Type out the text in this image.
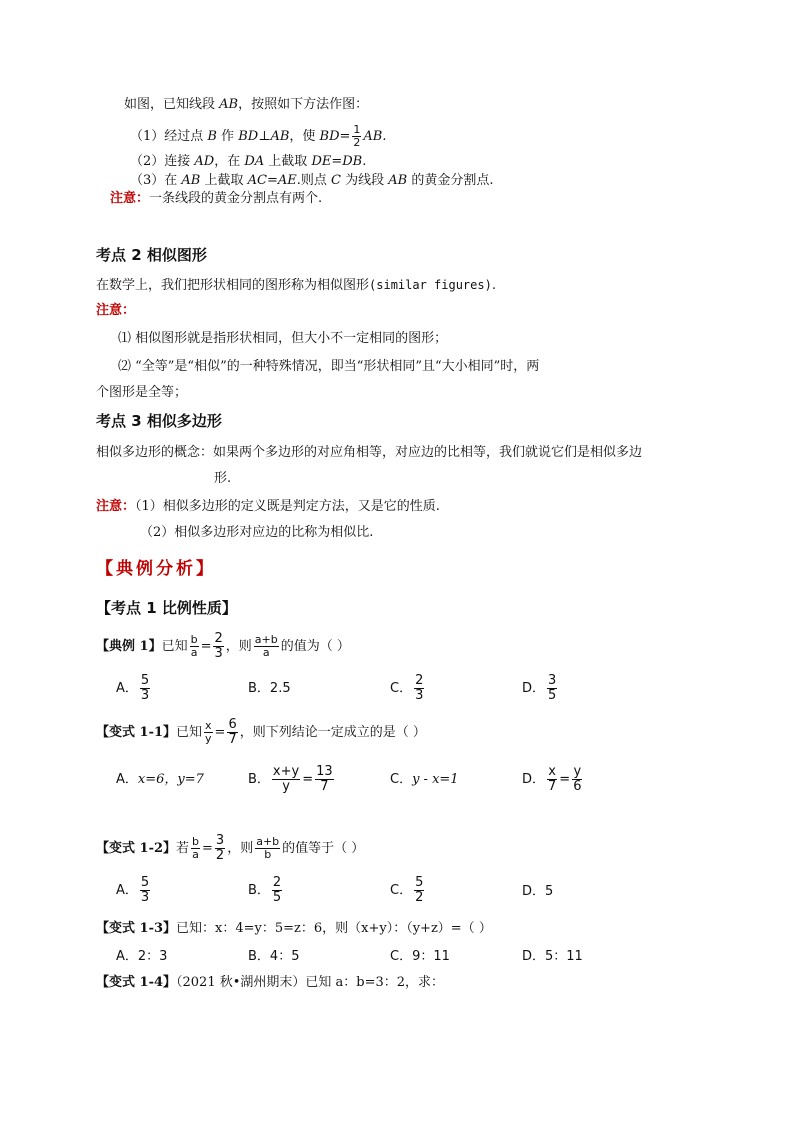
如图，已知线段 AB，按照如下方法作图：
（1）经过点 B 作 BD⊥AB，使 $BD= \frac{1}{2}$ AB.
（2）连接 AD，在 DA 上截取 DE=DB.
（3）在 AB 上截取 AC=AE.则点 C 为线段 AB 的黄金分割点.
注意：一条线段的黄金分割点有两个.
考点 2 相似图形
在数学上，我们把形状相同的图形称为相似图形(similar figures).
注意：
⑴ 相似图形就是指形状相同，但大小不一定相同的图形；
⑵ “全等”是“相似”的一种特殊情况，即当“形状相同”且“大小相同”时，两
个图形是全等；
考点 3 相似多边形
相似多边形的概念：如果两个多边形的对应角相等，对应边的比相等，我们就说它们是相似多边
形.
注意：（1）相似多边形的定义既是判定方法，又是它的性质.
（2）相似多边形对应边的比称为相似比.
【典例分析】
【考点 1 比例性质】
【典例 1】已知 $\frac{b}{a} = \frac{2}{3}$ ，则 $\frac{a+b}{a}$ 的值为（ ）
A． $\frac{5}{3}$	B．2.5	C． $\frac{2}{3}$	D． $\frac{3}{5}$
【变式 1-1】已知 $\frac{x}{y} = \frac{6}{7}$ ，则下列结论一定成立的是（ ）
A．x=6，y=7	B． $\frac{x+y}{y} = \frac{13}{7}$	C．y - x=1	D． $\frac{x}{7} = \frac{y}{6}$
【变式 1-2】若 $\frac{b}{a} = \frac{3}{2}$ ，则 $\frac{a+b}{b}$ 的值等于（ ）
A． $\frac{5}{3}$	B． $\frac{2}{5}$	C． $\frac{5}{2}$	D．5
【变式 1-3】已知：x：4=y：5=z：6，则（x+y）：（y+z）=（ ）
A．2：3	B．4：5	C．9：11	D．5：11
【变式 1-4】（2021 秋•湖州期末）已知 a：b=3：2，求：
